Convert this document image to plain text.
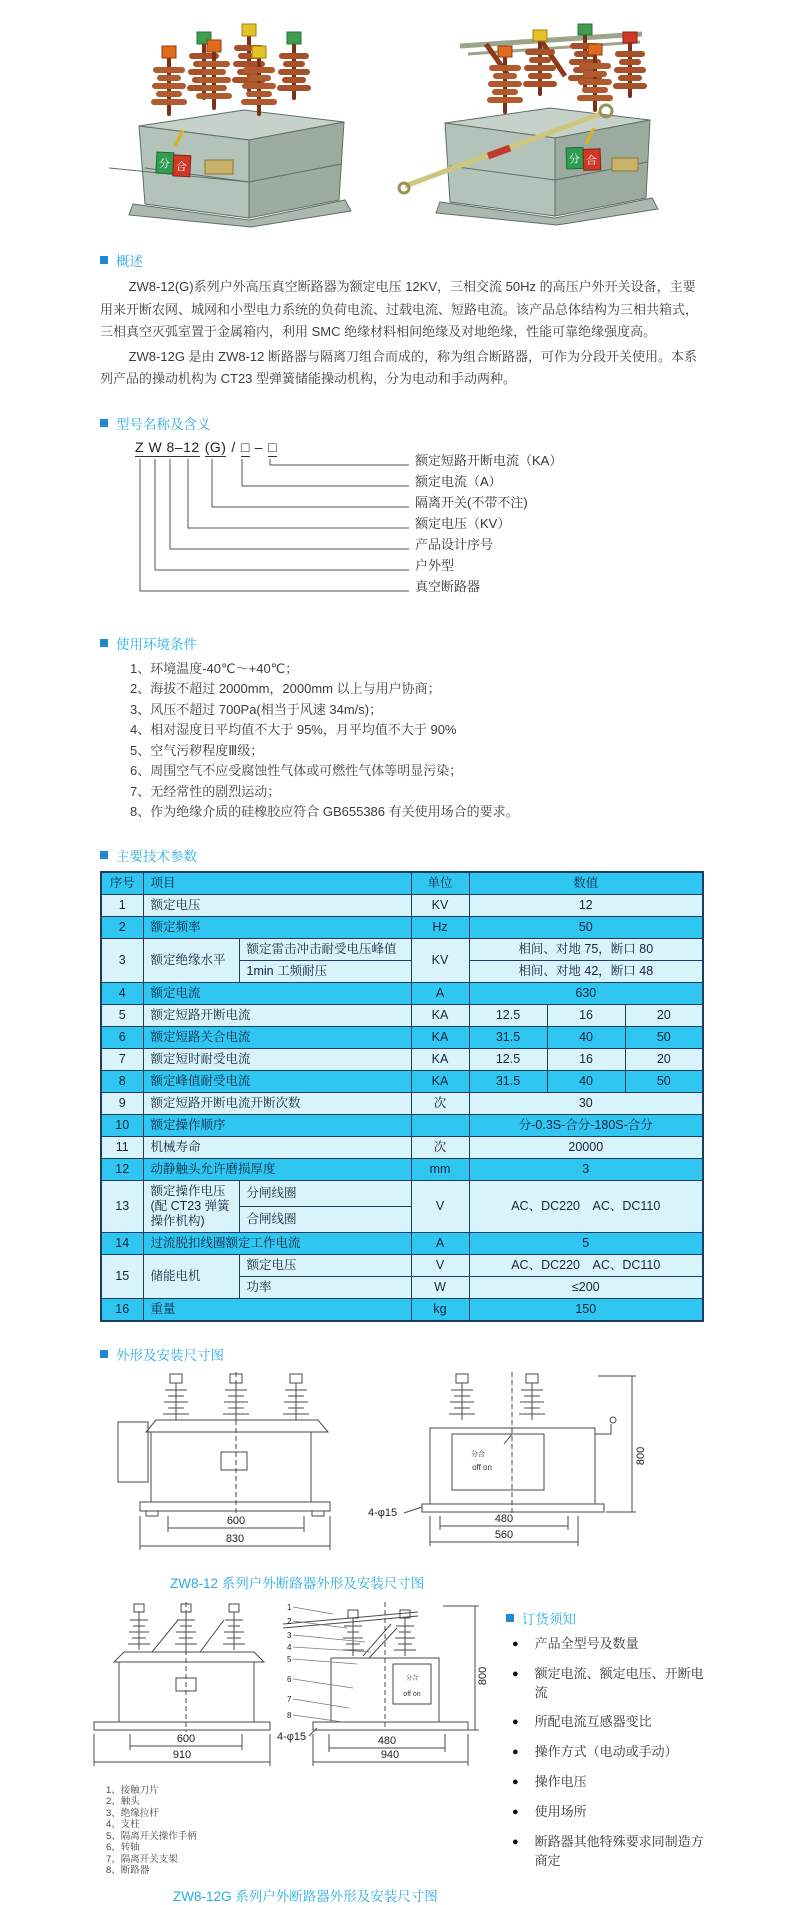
分 合
分 合
概述
ZW8-12(G)系列户外高压真空断路器为额定电压 12KV，三相交流 50Hz 的高压户外开关设备，主要用来开断农网、城网和小型电力系统的负荷电流、过载电流、短路电流。该产品总体结构为三相共箱式，三相真空灭弧室置于金属箱内，利用 SMC 绝缘材料相间绝缘及对地绝缘，性能可靠绝缘强度高。
ZW8-12G 是由 ZW8-12 断路器与隔离刀组合而成的，称为组合断路器，可作为分段开关使用。本系列产品的操动机构为 CT23 型弹簧储能操动机构，分为电动和手动两种。
型号名称及含义
Z W 8–12 (G) / □ – □
额定短路开断电流（KA）
额定电流（A）
隔离开关(不带不注)
额定电压（KV）
产品设计序号
户外型
真空断路器
使用环境条件
1、环境温度-40℃～+40℃；
2、海拔不超过 2000mm，2000mm 以上与用户协商；
3、风压不超过 700Pa(相当于风速 34m/s)；
4、相对湿度日平均值不大于 95%，月平均值不大于 90%
5、空气污秽程度Ⅲ级；
6、周围空气不应受腐蚀性气体或可燃性气体等明显污染；
7、无经常性的剧烈运动；
8、作为绝缘介质的硅橡胶应符合 GB655386 有关使用场合的要求。
主要技术参数
序号	项目		单位	数值		
1	额定电压		KV	12		
2	额定频率		Hz	50		
3	额定绝缘水平	额定雷击冲击耐受电压峰值	KV	相间、对地 75，断口 80		
		1min 工频耐压		相间、对地 42，断口 48		
4	额定电流		A	630		
5	额定短路开断电流		KA	12.5	16	20
6	额定短路关合电流		KA	31.5	40	50
7	额定短时耐受电流		KA	12.5	16	20
8	额定峰值耐受电流		KA	31.5	40	50
9	额定短路开断电流开断次数		次	30		
10	额定操作顺序			分-0.3S-合分-180S-合分		
11	机械寿命		次	20000		
12	动静触头允许磨损厚度		mm	3		
13	额定操作电压(配 CT23 弹簧操作机构)	分闸线圈	V	AC、DC220　AC、DC110		
		合闸线圈				
14	过流脱扣线圈额定工作电流		A	5		
15	储能电机	额定电压	V	AC、DC220　AC、DC110		
		功率	W	≤200		
16	重量		kg	150		
外形及安装尺寸图
600
830
分合
off on
480
560
800
4-φ15
ZW8-12 系列户外断路器外形及安装尺寸图
600
910
分合
off on
480
940
800
4-φ15
1
2
3
4
5
6
7
8
1、接触刀片
2、触头
3、绝缘拉杆
4、支柱
5、隔离开关操作手柄
6、转轴
7、隔离开关支架
8、断路器
ZW8-12G 系列户外断路器外形及安装尺寸图
订货须知
● 产品全型号及数量
● 额定电流、额定电压、开断电流
● 所配电流互感器变比
● 操作方式（电动或手动）
● 操作电压
● 使用场所
● 断路器其他特殊要求同制造方商定
